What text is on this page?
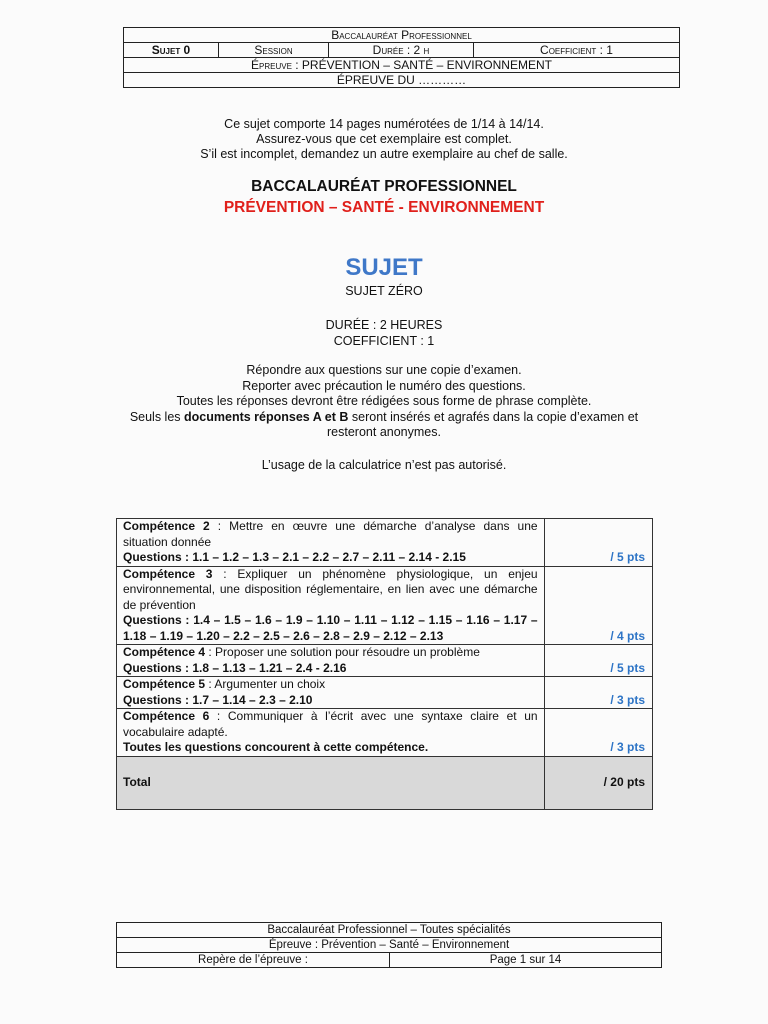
Baccalauréat Professionnel
Sujet 0	Session	Durée : 2 h	Coefficient : 1
Épreuve : PRÉVENTION – SANTÉ – ENVIRONNEMENT
ÉPREUVE DU …………
Ce sujet comporte 14 pages numérotées de 1/14 à 14/14.
Assurez-vous que cet exemplaire est complet.
S’il est incomplet, demandez un autre exemplaire au chef de salle.
BACCALAURÉAT PROFESSIONNEL
PRÉVENTION – SANTÉ - ENVIRONNEMENT
SUJET
SUJET ZÉRO
DURÉE : 2 HEURES
COEFFICIENT : 1
Répondre aux questions sur une copie d’examen.
Reporter avec précaution le numéro des questions.
Toutes les réponses devront être rédigées sous forme de phrase complète.
Seuls les documents réponses A et B seront insérés et agrafés dans la copie d’examen et
resteront anonymes.
L’usage de la calculatrice n’est pas autorisé.
Compétence 2 : Mettre en œuvre une démarche d’analyse dans une situation donnée
Questions : 1.1 – 1.2 – 1.3 – 2.1 – 2.2 – 2.7 – 2.11 – 2.14 - 2.15	/ 5 pts
Compétence 3 : Expliquer un phénomène physiologique, un enjeu environnemental, une disposition réglementaire, en lien avec une démarche de prévention
Questions : 1.4 – 1.5 – 1.6 – 1.9 – 1.10 – 1.11 – 1.12 – 1.15 – 1.16 – 1.17 – 1.18 – 1.19 – 1.20 – 2.2 – 2.5 – 2.6 – 2.8 – 2.9 – 2.12 – 2.13	/ 4 pts
Compétence 4 : Proposer une solution pour résoudre un problème
Questions : 1.8 – 1.13 – 1.21 – 2.4 - 2.16	/ 5 pts
Compétence 5 : Argumenter un choix
Questions : 1.7 – 1.14 – 2.3 – 2.10	/ 3 pts
Compétence 6 : Communiquer à l’écrit avec une syntaxe claire et un vocabulaire adapté.
Toutes les questions concourent à cette compétence.	/ 3 pts
Total	/ 20 pts
Baccalauréat Professionnel – Toutes spécialités
Épreuve : Prévention – Santé – Environnement
Repère de l’épreuve :	Page 1 sur 14
